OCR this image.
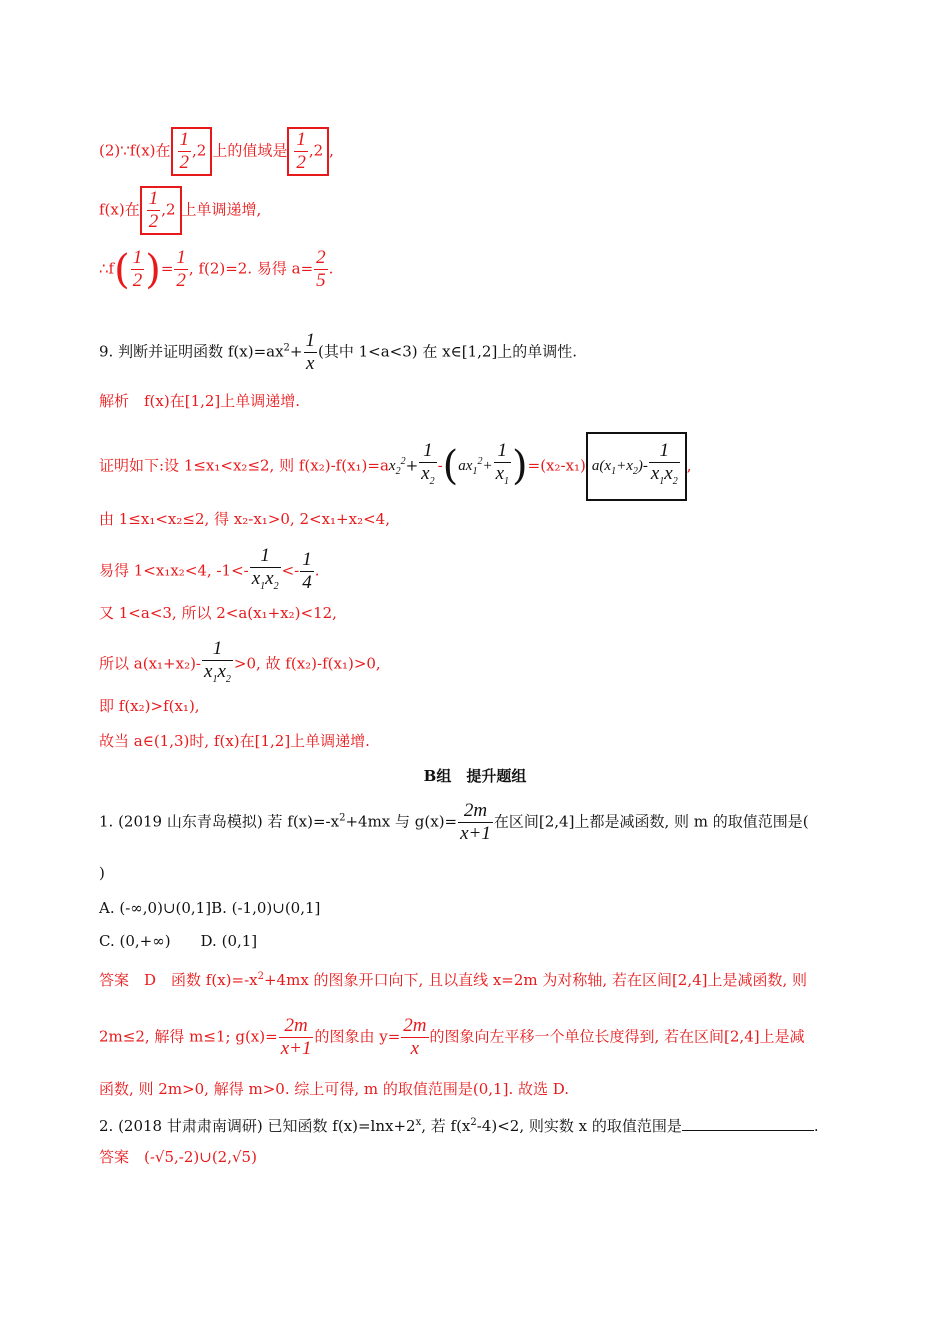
(2)∵f(x)在 $\frac{1}{2} ,2$ 上的值域是 $\frac{1}{2} ,2$ ,
f(x)在 $\frac{1}{2} ,2$ 上单调递增,
∴f( $\frac{1}{2}$ )= $\frac{1}{2}$ , f(2)=2. 易得 $a= \frac{2}{5}$ .
9. 判断并证明函数 $f(x)=ax^2+ \frac{1}{x}$ (其中 1<a<3) 在 x∈[1,2]上的单调性.
解析　f(x)在[1,2]上单调递增.
证明如下:设 1≤x₁<x₂≤2, 则 $f(x_2)-f(x_1)=ax_2^2+ \frac{1}{x_2} -(ax_1^2+ \frac{1}{x_1} )=(x_2-x_1)$ $a(x_1+x_2)- \frac{1}{x_1x_2}$ ,
由 1≤x₁<x₂≤2, 得 x₂-x₁>0, 2<x₁+x₂<4,
易得 1<x₁x₂<4, $-1<- \frac{1}{x_1x_2} <- \frac{1}{4}$ .
又 1<a<3, 所以 2<a(x₁+x₂)<12,
所以 $a(x_1+x_2)- \frac{1}{x_1x_2} >0$, 故 f(x₂)-f(x₁)>0,
即 f(x₂)>f(x₁),
故当 a∈(1,3)时, f(x)在[1,2]上单调递增.
B组　提升题组
1. (2019 山东青岛模拟) 若 $f(x)=-x^2+4mx$ 与 $g(x)= \frac{2m}{x+1}$ 在区间[2,4]上都是减函数, 则 m 的取值范围是(
)
A. (-∞,0)∪(0,1]B. (-1,0)∪(0,1]
C. (0,+∞)　　D. (0,1]
答案　D　函数 $f(x)=-x^2+4mx$ 的图象开口向下, 且以直线 x=2m 为对称轴, 若在区间[2,4]上是减函数, 则
2m≤2, 解得 m≤1; $g(x)= \frac{2m}{x+1}$ 的图象由 $y= \frac{2m}{x}$ 的图象向左平移一个单位长度得到, 若在区间[2,4]上是减
函数, 则 2m>0, 解得 m>0. 综上可得, m 的取值范围是(0,1]. 故选 D.
2. (2018 甘肃肃南调研) 已知函数 $f(x)=\ln x+2^x$, 若 $f(x^2-4)<2$, 则实数 x 的取值范围是	.
答案　(-√5,-2)∪(2,√5)
